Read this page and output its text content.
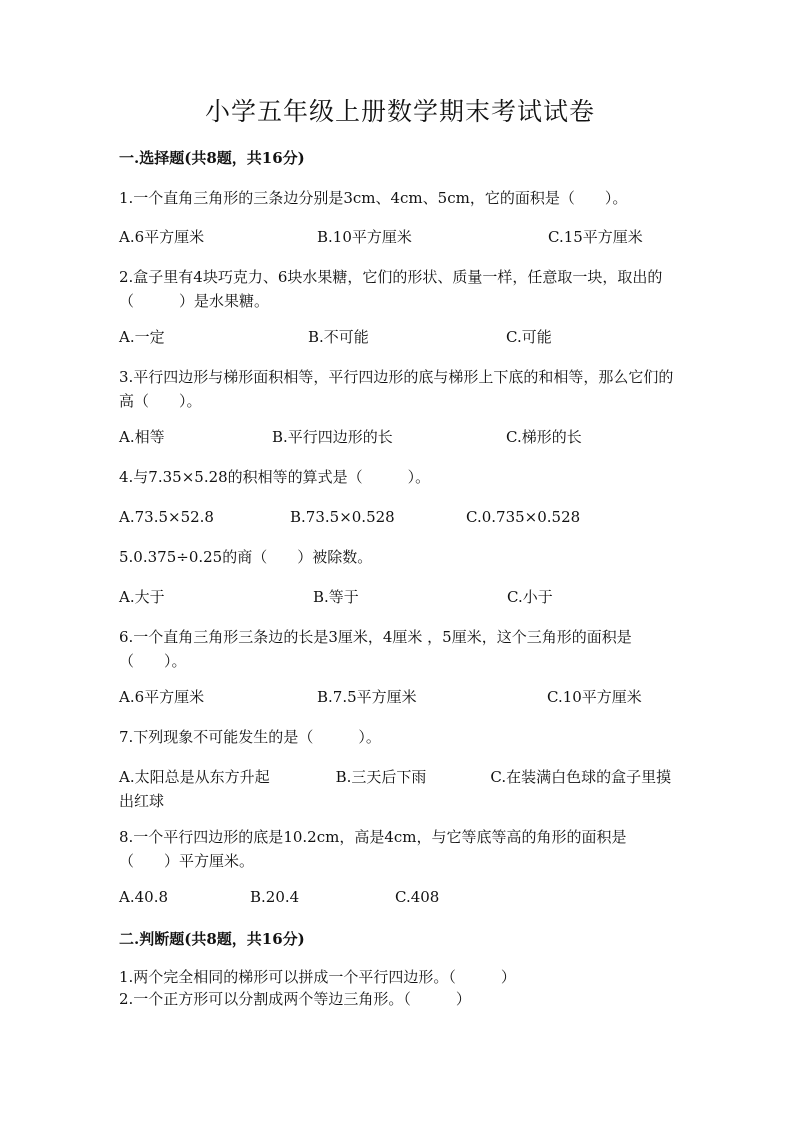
小学五年级上册数学期末考试试卷
一.选择题(共8题，共16分)

1.一个直角三角形的三条边分别是3cm、4cm、5cm，它的面积是（　　）。

A.6平方厘米	B.10平方厘米	C.15平方厘米

2.盒子里有4块巧克力、6块水果糖，它们的形状、质量一样，任意取一块，取出的（　　　）是水果糖。

A.一定	B.不可能	C.可能

3.平行四边形与梯形面积相等，平行四边形的底与梯形上下底的和相等，那么它们的高（　　）。

A.相等	B.平行四边形的长	C.梯形的长

4.与7.35×5.28的积相等的算式是（　　　）。

A.73.5×52.8	B.73.5×0.528	C.0.735×0.528

5.0.375÷0.25的商（　　）被除数。

A.大于	B.等于	C.小于

6.一个直角三角形三条边的长是3厘米，4厘米 ，5厘米，这个三角形的面积是（　　）。

A.6平方厘米	B.7.5平方厘米	C.10平方厘米

7.下列现象不可能发生的是（　　　）。

A.太阳总是从东方升起	B.三天后下雨	C.在装满白色球的盒子里摸出红球

8.一个平行四边形的底是10.2cm，高是4cm，与它等底等高的角形的面积是（　　）平方厘米。

A.40.8	B.20.4	C.408
二.判断题(共8题，共16分)

1.两个完全相同的梯形可以拼成一个平行四边形。（　　　）

2.一个正方形可以分割成两个等边三角形。（　　　）
